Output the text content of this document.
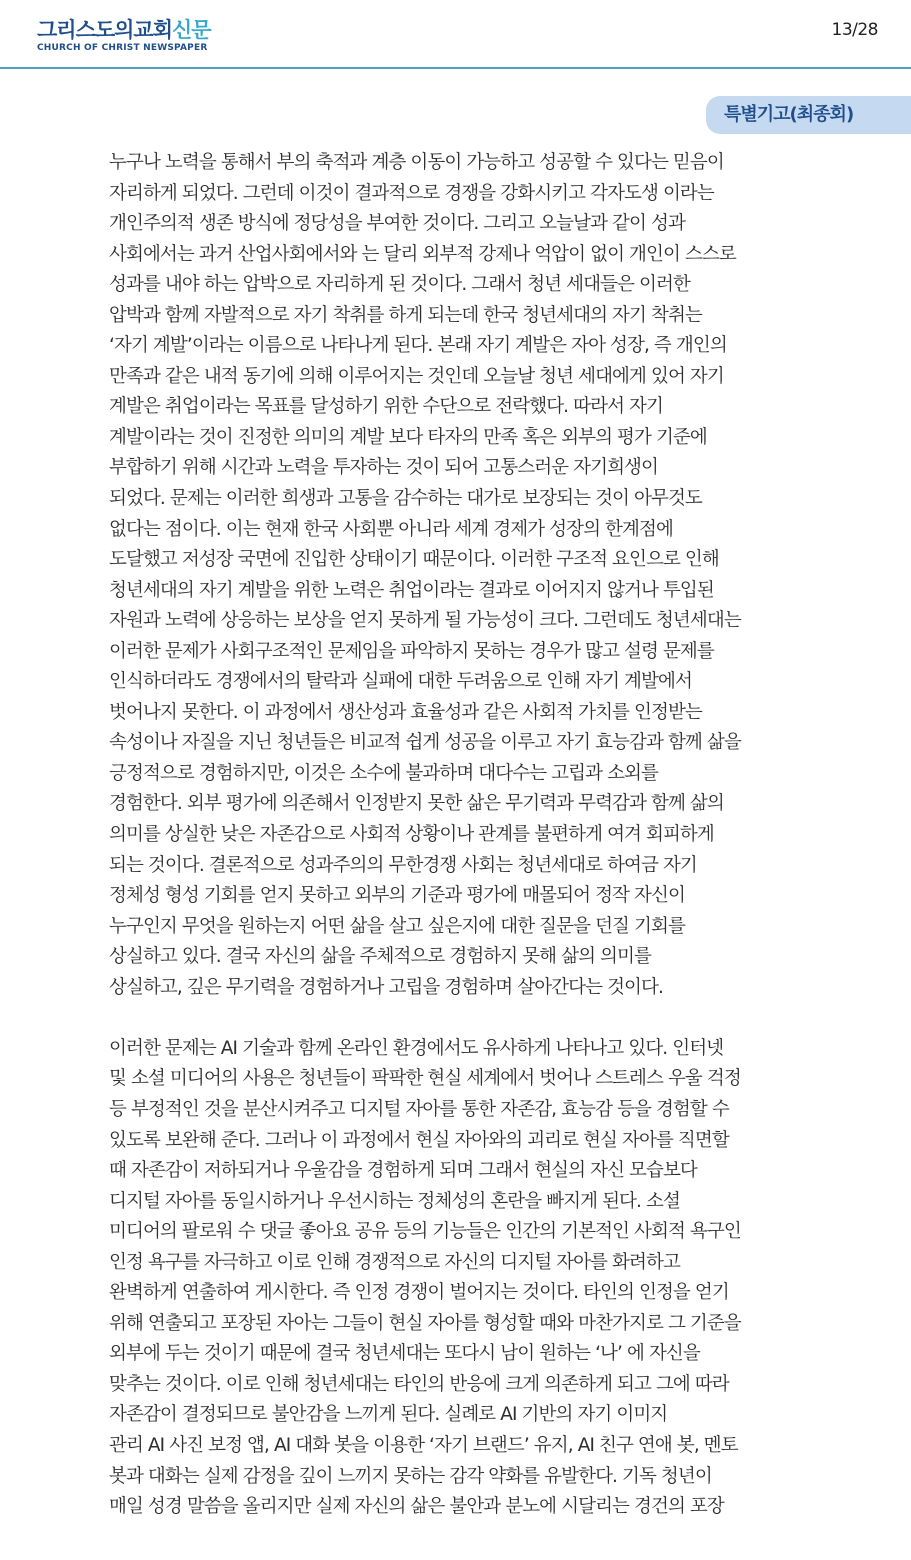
그리스도의교회신문
CHURCH OF CHRIST NEWSPAPER
13/28
특별기고(최종회)
누구나 노력을 통해서 부의 축적과 계층 이동이 가능하고 성공할 수 있다는 믿음이
자리하게 되었다. 그런데 이것이 결과적으로 경쟁을 강화시키고 각자도생 이라는
개인주의적 생존 방식에 정당성을 부여한 것이다. 그리고 오늘날과 같이 성과
사회에서는 과거 산업사회에서와 는 달리 외부적 강제나 억압이 없이 개인이 스스로
성과를 내야 하는 압박으로 자리하게 된 것이다. 그래서 청년 세대들은 이러한
압박과 함께 자발적으로 자기 착취를 하게 되는데 한국 청년세대의 자기 착취는
‘자기 계발’이라는 이름으로 나타나게 된다. 본래 자기 계발은 자아 성장, 즉 개인의
만족과 같은 내적 동기에 의해 이루어지는 것인데 오늘날 청년 세대에게 있어 자기
계발은 취업이라는 목표를 달성하기 위한 수단으로 전락했다. 따라서 자기
계발이라는 것이 진정한 의미의 계발 보다 타자의 만족 혹은 외부의 평가 기준에
부합하기 위해 시간과 노력을 투자하는 것이 되어 고통스러운 자기희생이
되었다. 문제는 이러한 희생과 고통을 감수하는 대가로 보장되는 것이 아무것도
없다는 점이다. 이는 현재 한국 사회뿐 아니라 세계 경제가 성장의 한계점에
도달했고 저성장 국면에 진입한 상태이기 때문이다. 이러한 구조적 요인으로 인해
청년세대의 자기 계발을 위한 노력은 취업이라는 결과로 이어지지 않거나 투입된
자원과 노력에 상응하는 보상을 얻지 못하게 될 가능성이 크다. 그런데도 청년세대는
이러한 문제가 사회구조적인 문제임을 파악하지 못하는 경우가 많고 설령 문제를
인식하더라도 경쟁에서의 탈락과 실패에 대한 두려움으로 인해 자기 계발에서
벗어나지 못한다. 이 과정에서 생산성과 효율성과 같은 사회적 가치를 인정받는
속성이나 자질을 지닌 청년들은 비교적 쉽게 성공을 이루고 자기 효능감과 함께 삶을
긍정적으로 경험하지만, 이것은 소수에 불과하며 대다수는 고립과 소외를
경험한다. 외부 평가에 의존해서 인정받지 못한 삶은 무기력과 무력감과 함께 삶의
의미를 상실한 낮은 자존감으로 사회적 상황이나 관계를 불편하게 여겨 회피하게
되는 것이다. 결론적으로 성과주의의 무한경쟁 사회는 청년세대로 하여금 자기
정체성 형성 기회를 얻지 못하고 외부의 기준과 평가에 매몰되어 정작 자신이
누구인지 무엇을 원하는지 어떤 삶을 살고 싶은지에 대한 질문을 던질 기회를
상실하고 있다. 결국 자신의 삶을 주체적으로 경험하지 못해 삶의 의미를
상실하고, 깊은 무기력을 경험하거나 고립을 경험하며 살아간다는 것이다.
이러한 문제는 AI 기술과 함께 온라인 환경에서도 유사하게 나타나고 있다. 인터넷
및 소셜 미디어의 사용은 청년들이 팍팍한 현실 세계에서 벗어나 스트레스 우울 걱정
등 부정적인 것을 분산시켜주고 디지털 자아를 통한 자존감, 효능감 등을 경험할 수
있도록 보완해 준다. 그러나 이 과정에서 현실 자아와의 괴리로 현실 자아를 직면할
때 자존감이 저하되거나 우울감을 경험하게 되며 그래서 현실의 자신 모습보다
디지털 자아를 동일시하거나 우선시하는 정체성의 혼란을 빠지게 된다. 소셜
미디어의 팔로워 수 댓글 좋아요 공유 등의 기능들은 인간의 기본적인 사회적 욕구인
인정 욕구를 자극하고 이로 인해 경쟁적으로 자신의 디지털 자아를 화려하고
완벽하게 연출하여 게시한다. 즉 인정 경쟁이 벌어지는 것이다. 타인의 인정을 얻기
위해 연출되고 포장된 자아는 그들이 현실 자아를 형성할 때와 마찬가지로 그 기준을
외부에 두는 것이기 때문에 결국 청년세대는 또다시 남이 원하는 ‘나’ 에 자신을
맞추는 것이다. 이로 인해 청년세대는 타인의 반응에 크게 의존하게 되고 그에 따라
자존감이 결정되므로 불안감을 느끼게 된다. 실례로 AI 기반의 자기 이미지
관리 AI 사진 보정 앱, AI 대화 봇을 이용한 ‘자기 브랜드’ 유지, AI 친구 연애 봇, 멘토
봇과 대화는 실제 감정을 깊이 느끼지 못하는 감각 약화를 유발한다. 기독 청년이
매일 성경 말씀을 올리지만 실제 자신의 삶은 불안과 분노에 시달리는 경건의 포장
